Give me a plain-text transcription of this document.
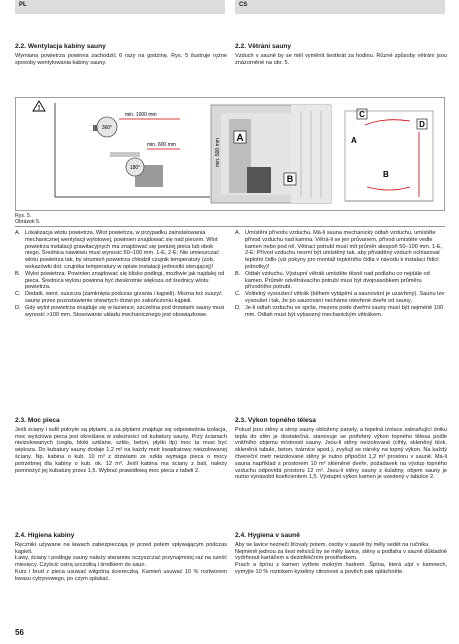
PL	CS
2.2. Wentylacja kabiny sauny

Wymiana powietrza powinna zachodzić 6 razy na godzinę. Rys. 5 ilustruje ro̧żne sposoby wentylowania kabiny sauny.

2.2. Větrání sauny

Vzduch v sauně by se měl vyměnit šestkrát za hodinu. Různé způsoby větrání jsou znázorněné na obr. 5.

!
360°
180°
min. 1000 mm
min. 600 mm	min. 500 mm A
B
C
D
A
B
Rys. 5.
Obrázek 5.
A. Lokalizacja wlotu powietrza. Wlot powietrza, w przypadku zainstalowania mechanicznej wentylacji wylotowej, powinien znajdować się nad piecem. Wlot powietrza instalacji grawitacyjnych ma znajdować się poniżej pieca lub obok niego. Średnica nawiewu musi wynosić 50–100 mm. 1-E, 2-E: Nie umieszczać wlotu powietrza tak, by strumień powietrza chłodził czujnik temperatury (zob. wskazówki dot. czujnika temperatury w opisie instalacji jednostki sterującej)!
B. Wylot powietrza. Powinien znajdować się blisko podłogi, możliwie jak najdalej od pieca. Średnica wylotu powinna być dwukrotnie większa od średnicy wlotu powietrza.
C. Dodatk. went. suszcza (zamknięta podczas grzania i kąpieli). Można też suszyć saunę przez pozostawienie otwartych drzwi po zakończeniu kąpieli.
D. Gdy wylot powietrza znajduje się w łazience, szczelina pod drzwiami sauny musi wynosić >100 mm. Stosowanie układu mechanicznego jest obowiązkowe.
A. Umístění přívodu vzduchu. Má-li sauna mechanický odtah vzduchu, umístěte přívod vzduchu nad kamna. Větrá-li se jen průvanem, přívod umístěte vedle kamen nebo pod ně. Větrací potrubí musí mít průměr alespoň 50–100 mm. 1-E, 2-E: Přívod vzduchu nesmí být umístěný tak, aby přiváděný vzduch ochlazoval teplotní čidlo (viz pokyny pro montáž teplotního čidla v návodu k instalaci řídicí jednotky)!
B. Odtah vzduchu. Výstupní větrák umístěte těsně nad podlahu co nejdále od kamen. Průměr odvětrávacího potrubí musí být dvojnásobkem průměru přívodního potrubí.
C. Volitelný vysoušecí větrák (během vytápění a saunování je uzavřený). Saunu lze vysoušet i tak, že po saunování necháme otevřené dveře od sauny.
D. Je-li odtah vzduchu ve sprše, mezera pode dveřmi sauny musí být nejméně 100 mm. Odtah musí být vybavený mechanickým větrákem.
2.3. Moc pieca

Jeśli ściany i sufit pokryte są płytami, a za płytami znajduje się odpowiednia izolacja, moc wyściowa pieca jest określana w zależności od kubatury sauny. Przy ścianach nieizolowanych (cegła, bloki szklane, szkło, beton, płytki itp) moc ta musi być większa. Do kubatury sauny dodaje 1,2 m³ na każdy metr kwadratowy nieizolowanej ściany. Np. kabina o kub. 10 m³ z drzwiami ze szkła wymaga pieca o mocy potrzebnej dla kabiny o kub. ok. 12 m³. Jeśli kabina ma ściany z bali, należy pomnożyć jej kubaturę przez 1,5. Wybrać prawidłową moc pieca z tabeli 2.

2.3. Výkon topného tělesa

Pokud jsou stěny a strop sauny obloženy panely, a tepelná izolace zabraňující úniku tepla do stěn je dostatečná, stanovuje se potřebný výkon topného tělesa podle vnitřního objemu místnosti sauny. Jsou-li stěny neizolované (cihly, skleněný blok, skleněná tabule, beton, tvárnice apod.), zvyšují se nároky na topný výkon. Na každý čtvereční metr neizolované stěny je nutno připočíst 1,2 m³ prostoru v sauně. Má-li sauna například s prostorem 10 m³ skleněné dveře, požadavek na výstup topného vzduchu odpovídá prostoru 12 m³. Jsou-li stěny sauny z kulatiny, objem sauny je nutno vynásobit koeficientem 1,5. Výstupní výkon kamen je uvedený v tabulce 2.

2.4. Higiena kabiny

Ręczniki używane na ławach zabezpieczają je przed potem spływającym podczas kąpieli.
Ławy, ściany i podłogę sauny należy starannie oczyszczać przynajmniej raz na sześć miesięcy. Czyścić ostrą szczotką i środkiem do saun.
Kurz i brud z pieca usuwać wilgotną ściereczką. Kamień usuwać 10 % roztworem kwasu cytrynowego, po czym spłukać.

2.4. Hygiena v sauně

Aby se lavice nezneči šťovaly potem, osoby v sauně by měly sedět na ručníku.
Nejméně jednou za šest měsíců by se měly lavice, stěny a podlaha v sauně důkladně vydrhnout kartáčem a dezinfekčním prostředkem.
Prach a špínu z kamen vytřete mokrým hadrem. Špína, která ulpí v kamnech, vymyjte 10 % roztokem kyseliny citronové a pověch pak opláchněte.

56
